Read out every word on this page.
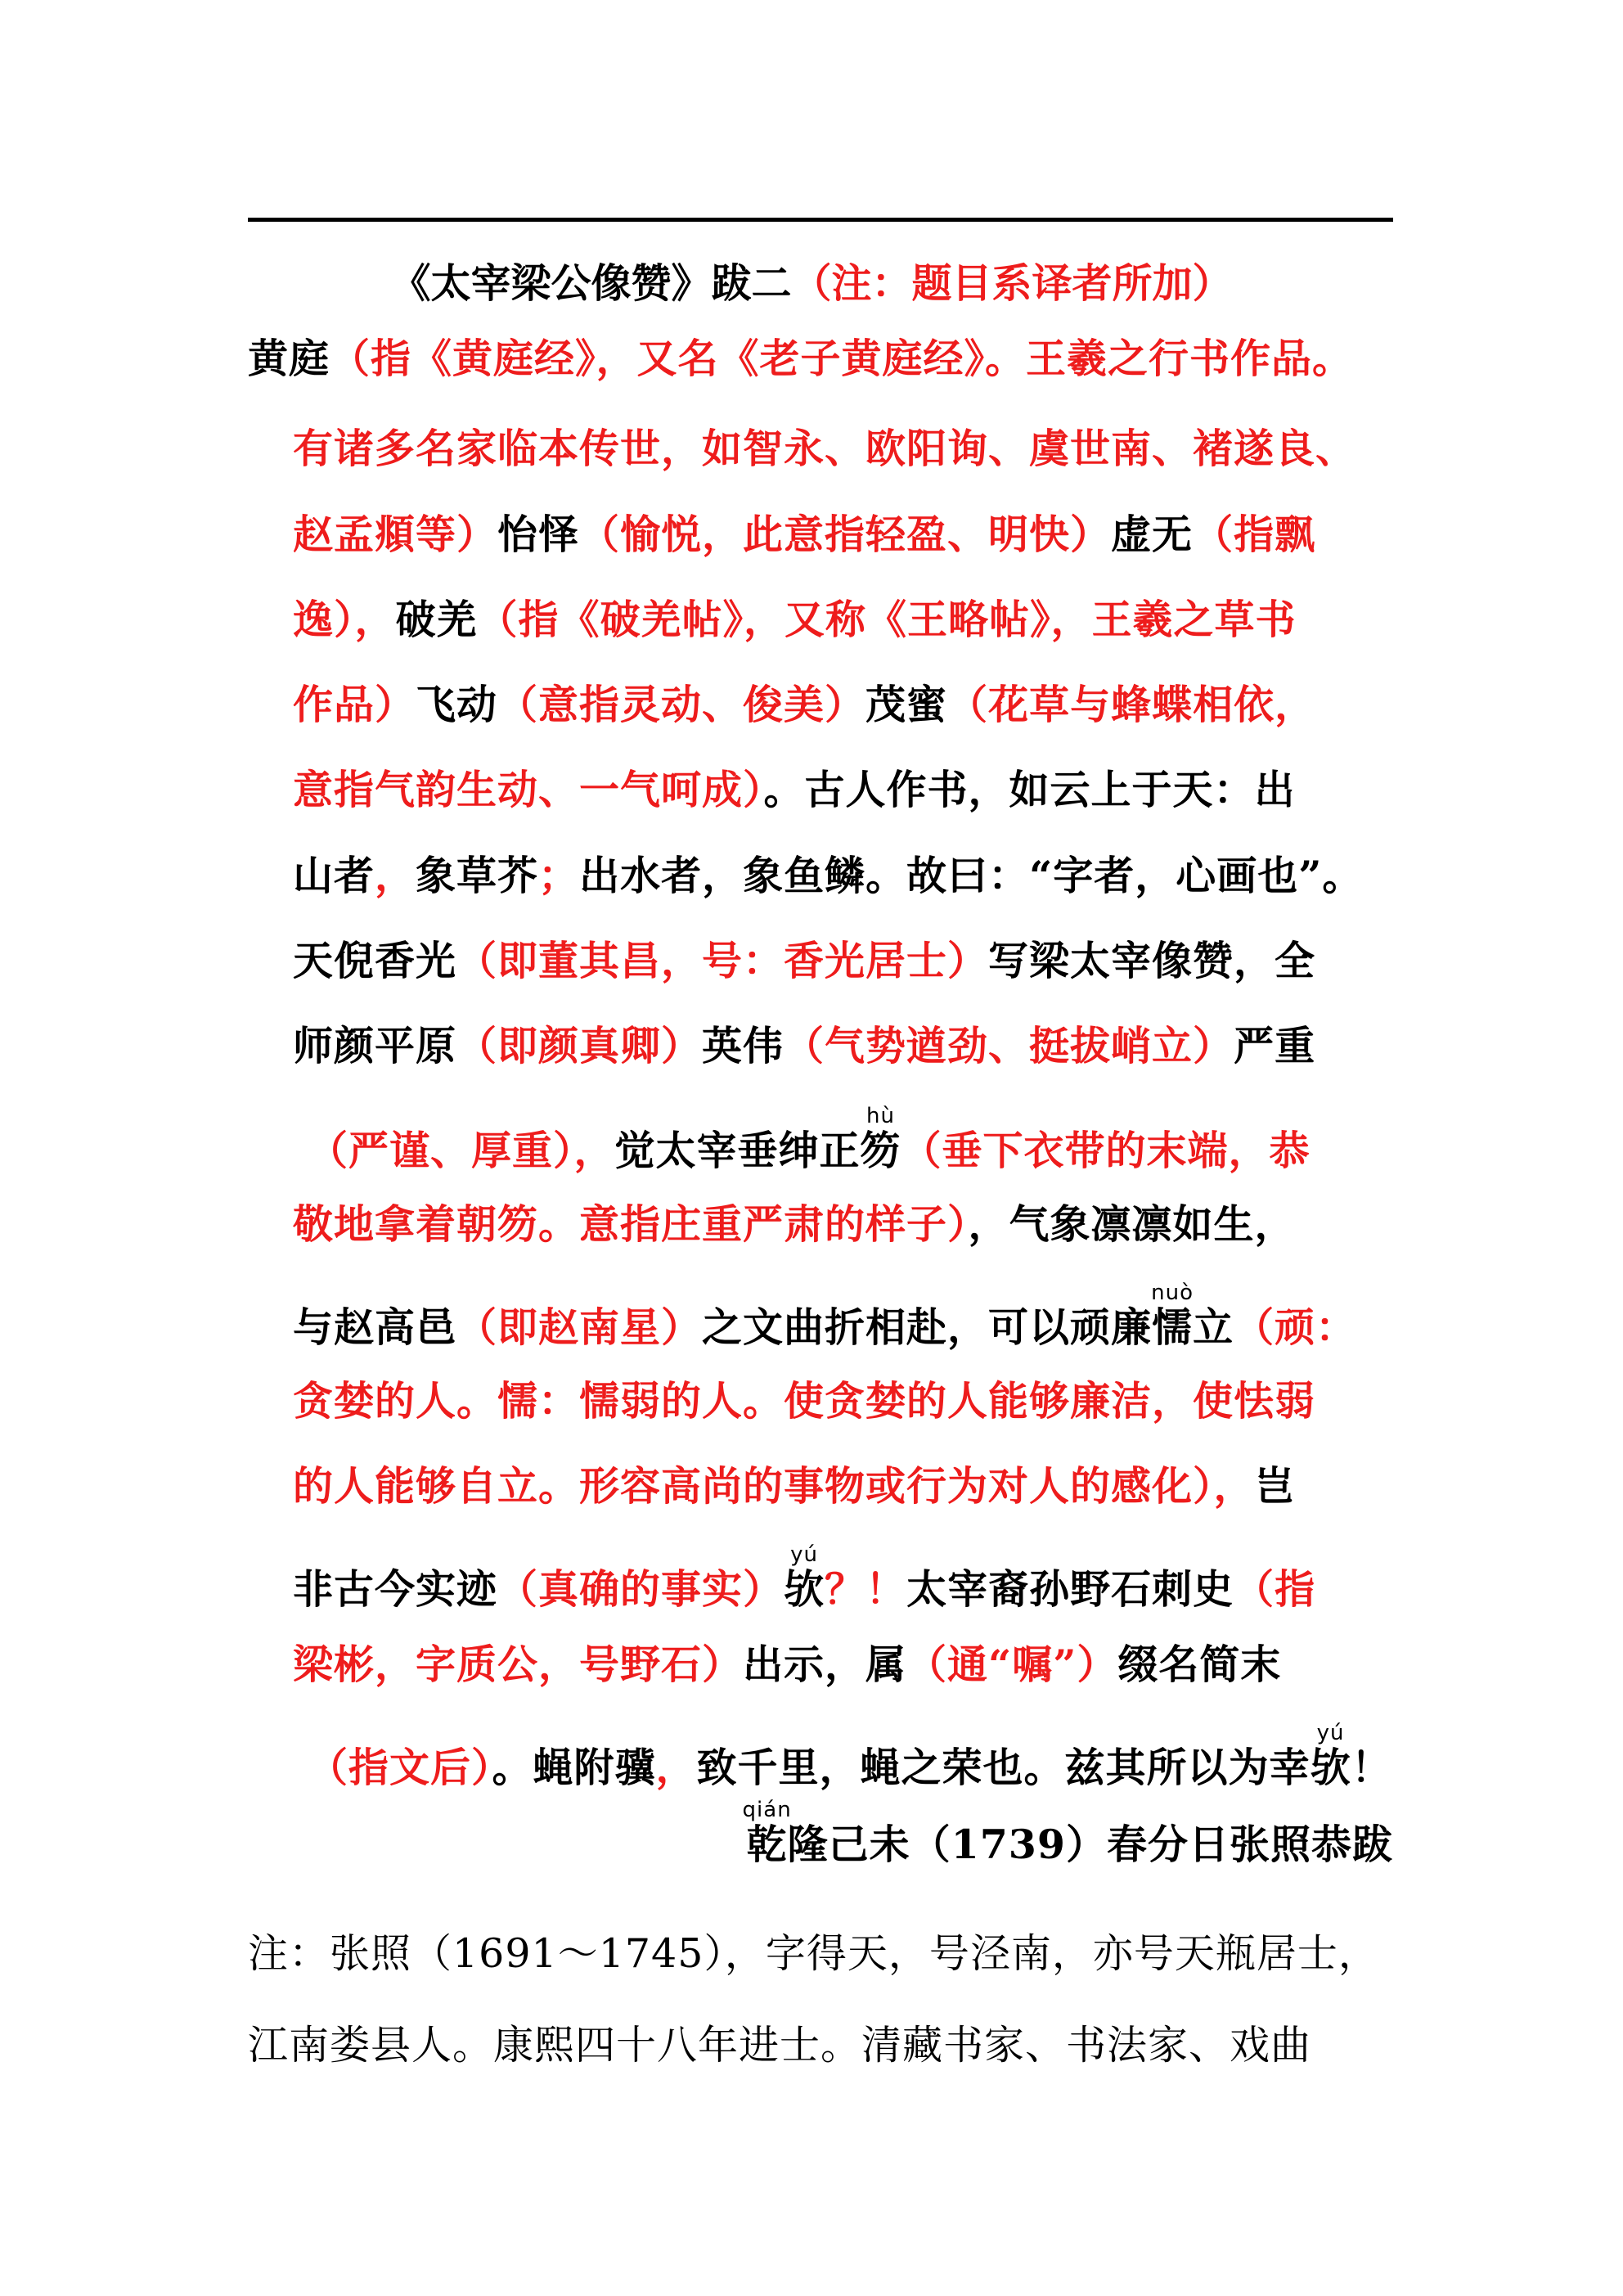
《太宰梁公像赞》跋二（注：题目系译者所加）
黄庭（指《黄庭经》，又名《老子黄庭经》。王羲之行书作品。
有诸多名家临本传世，如智永、欧阳询、虞世南、褚遂良、
赵孟頫等）怡怿（愉悦，此意指轻盈、明快）虚无（指飘
逸），破羌（指《破羌帖》，又称《王略帖》，王羲之草书
作品）飞动（意指灵动、俊美）茂蜜（花草与蜂蝶相依，
意指气韵生动、一气呵成）。古人作书，如云上于天：出
山者，象草芥；出水者，象鱼鳞。故曰：“字者，心画也”。
天倪香光（即董其昌，号：香光居士）写梁太宰像赞，全
师颜平原（即颜真卿）英伟（气势遒劲、挺拔峭立）严重
（严谨、厚重），觉太宰垂绅正笏hù（垂下衣带的末端，恭
敬地拿着朝笏。意指庄重严肃的样子），气象凛凛如生，
与赵高邑（即赵南星）之文曲折相赴，可以顽廉懦nuò立（顽：
贪婪的人。懦：懦弱的人。使贪婪的人能够廉洁，使怯弱
的人能够自立。形容高尚的事物或行为对人的感化），岂
非古今实迹（真确的事实）欤yú？！太宰裔孙野石刺史（指
梁彬，字质公，号野石）出示，属（通“嘱”）缀名简末
（指文后）。蝇附骥，致千里，蝇之荣也。兹其所以为幸欤yú！
乾qián隆己未（1739）春分日张照恭跋
注：张照（1691～1745），字得天，号泾南，亦号天瓶居士，
江南娄县人。康熙四十八年进士。清藏书家、书法家、戏曲
